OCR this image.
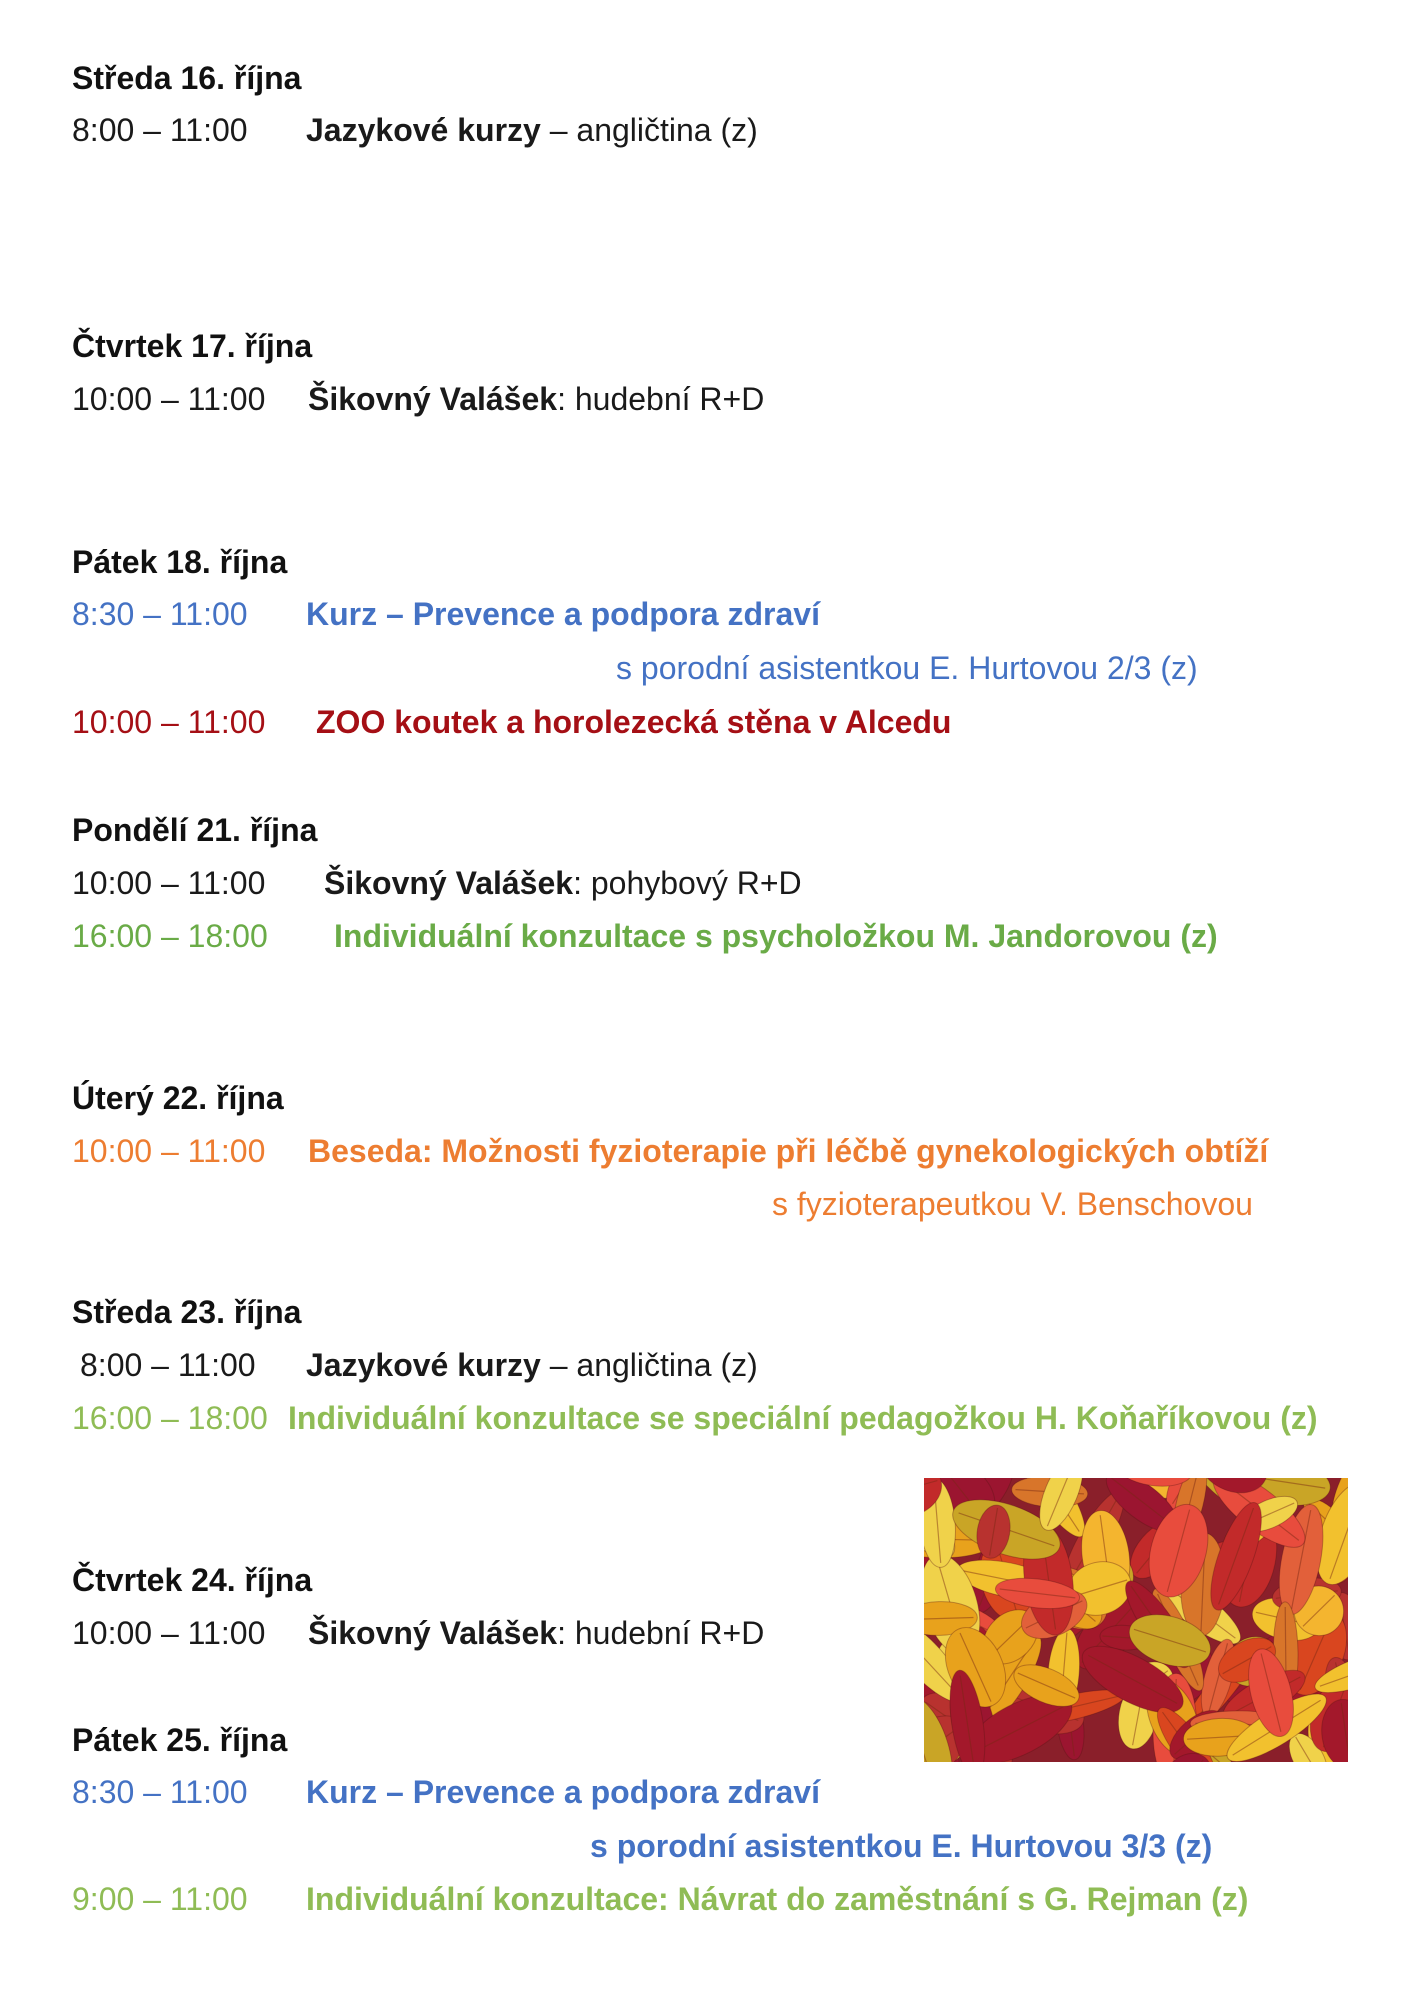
Středa 16. října

8:00 – 11:00 Jazykové kurzy – angličtina (z)

Čtvrtek 17. října

10:00 – 11:00 Šikovný Valášek: hudební R+D

Pátek 18. října

8:30 – 11:00 Kurz – Prevence a podpora zdraví

s porodní asistentkou E. Hurtovou 2/3 (z)

10:00 – 11:00 ZOO koutek a horolezecká stěna v Alcedu

Pondělí 21. října

10:00 – 11:00 Šikovný Valášek: pohybový R+D

16:00 – 18:00 Individuální konzultace s psycholožkou M. Jandorovou (z)

Úterý 22. října

10:00 – 11:00 Beseda: Možnosti fyzioterapie při léčbě gynekologických obtíží

s fyzioterapeutkou V. Benschovou

Středa 23. října

8:00 – 11:00 Jazykové kurzy – angličtina (z)

16:00 – 18:00 Individuální konzultace se speciální pedagožkou H. Koňaříkovou (z)

Čtvrtek 24. října

10:00 – 11:00 Šikovný Valášek: hudební R+D

Pátek 25. října

8:30 – 11:00 Kurz – Prevence a podpora zdraví

s porodní asistentkou E. Hurtovou 3/3 (z)

9:00 – 11:00 Individuální konzultace: Návrat do zaměstnání s G. Rejman (z)
